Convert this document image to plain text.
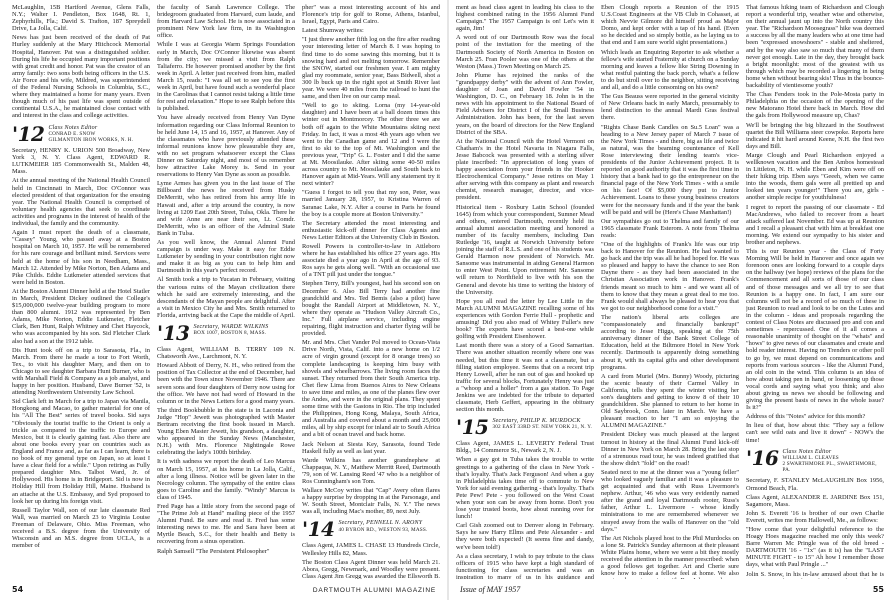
McLaughlin, 15B Hartford Avenue, Glens Falls, N.Y.; Walter I. Pendleton, Box 1648, Rt. 1, Zephyrhills, Fla.; David S. Trafton, 187 Spreydell Drive, La Jolla, Calif.

News has just been received of the death of Pat Hurley suddenly at the Mary Hitchcock Memorial Hospital, Hanover. Pat was a distinguished soldier. During his life he occupied many important positions with great credit and honor. Pat was the creator of an army family: two sons both being officers in the U.S. Air Force and his wife, Mildred, was superintendent of the Federal Nursing Schools in Columbia, S.C., where they maintained a home for many years. Even though much of his past life was spent outside of continental U.S.A., he maintained close contact with and interest in the class and college activities.

'12 Class Notes Editor
CONRAD E. SNOW
GILMANTON IRON WORKS, N. H.

Secretary, HENRY K. URION 500 Broadway, New York 3, N. Y. Class Agent, EDWARD R. LUTKMEIER 185 Commonwealth St., Malden 48, Mass.

At the annual meeting of the National Health Council held in Cincinnati in March, Doc O'Connor was elected president of that organization for the ensuing year. The National Health Council is comprised of voluntary health agencies that seek to coordinate activities and programs in the interest of health of the individual, the family and the community.

Again I must report the death of a classmate, "Cassey" Young, who passed away at a Boston hospital on March 10, 1957. He will be remembered for his rare courage and brilliant mind. Services were held at the home of his son in Needham, Mass., March 12. Attended by Mike Norton, Ben Adams and Pike Childs. Eddie Lutkmeier attended services that were held in Boston.

At the Boston Alumni Dinner held at the Hotel Statler in March, President Dickey outlined the College's $15,000,000 twelve-year building program to more than 800 alumni. 1912 was represented by Ben Adams, Mike Norton, Eddie Lutkmeier, Fletcher Clark, Ben Hunt, Ralph Whitney and Chet Haycock, who was accompanied by his son. Sid Fletcher Clark also had a son at the 1912 table.

Dis Hunt took off on a trip to Sarasota, Fla., in March. From there he made a tour to Fort Worth, Tex., to visit his daughter Mary, and then on to Chicago to see daughter Barbara Hunt Burner, who is with Marshall Field & Company as a job analyst, and happy in her position. Husband, Dave Burner '52, is attending Northwestern University Law School.

Sid Clark left in March for a trip to Japan via Manila, Hongkong and Macao, to gather material for one of his "All The Best" series of travel books. Sid says "Obviously the tourist traffic to the Orient is only a trickle as compared to the traffic to Europe and Mexico, but it is clearly gaining fast. Also there are about one books every year on countries such as England and France and, as far as I can learn, there is no book of my general type on Japan, so at least I have a clear field for a while." Upon retiring as Fully prepared daughter Mrs. Talbot Ward, Jr. of Hollywood. His home is in Bridgeport. Sid is now in Holiday Hill from Holiday Hill, Maine. Husband is an attache at the U.S. Embassy, and Syd proposed to look her up during his foreign visit.

Russell Taylor Wall, son of our late classmate Red Wall, was married on March 23 to Virginia Louise Freeman of Delaware, Ohio. Miss Freeman, who received a B.S. degree from the University of Wisconsin and an M.S. degree from UCLA, is a member of

the faculty of Sarah Lawrence College. The bridegroom graduated from Harvard, cum laude, and from Harvard Law School. He is now associated in a prominent New York law firm, in its Washington office.

While I was at Georgia Warm Springs Foundation early in March, Doc O'Connor likewise was absent from the city; we missed a visit from Ralph Taliaferro. He however promised another by the first week in April. A letter just received from him, mailed March 15, reads: "I was all set to see you the first week in April, but have found such a wonderful place in the Carolinas that I cannot resist taking a little time for rest and relaxation." Hope to see Ralph before this is published.

You have already received from Henry Van Dyne information regarding our Class Informal Reunion to be held June 14, 15 and 16, 1957, at Hanover. Any of the classmates who have previously attended these informal reunions know how pleasurable they are, with no set program whatsoever except the Class Dinner on Saturday night, and most of us remember how attractive Lake Morey is. Send in your reservations to Henry Van Dyne as soon as possible.

Lyme Armes has given you in the last issue of The Billboard the news he received from Husky DeMerritt, who has retired from his army life in Hawaii and, after a trip around the country, is now living at 1209 East 20th Street, Tulsa, Okla. There he and wife Anne are near their son, Lt. Comdr. DeMerritt, who is an officer of the Admiral State Bank in Tulsa.

As you well know, the Annual Alumni Fund campaign is under way. Make it easy for Eddie Lutkmeier by sending in your contribution right now and make it as big as you can to help him and Dartmouth in this year's perfect record.

Al Smith took a trip to Yucatan in February, visiting the various ruins of the Mayan civilization there which he said are extremely interesting, and the descendants of the Mayan people are delightful. After a visit in Mexico City he and Mrs. Smith returned to Florida, arriving back at the Cape the middle of April.

'13 Secretary, WARDE WILKINS
BOX 1007, BOSTON 8, MASS.

Class Agent, WILLIAM B. TERRY 109 N. Chatsworth Ave., Larchmont, N. Y.

Howard Abbott of Derry, N. H., who retired from the position of Tax Collector at the end of December, had been with the Town since November 1946. There are seven sons and four daughters of Derry now using for the office. We have not had word of Howard in the column or in the News Letters for a good many years.

The third Bookbubble in the state is in Laconia and Judge "Hop" Jewett was photographed with Master Bertram receiving the first book issued in March. Young Eben Master Jewett, his grandson, a daughter, who appeared in the Sunday News (Manchester, N.H.) with Mrs. Florence Nightingale Rowe celebrating the lady's 100th birthday.

It is with sadness we report the death of Leo Marcus on March 15, 1957, at his home in La Jolla, Calif., after a long illness. Notice will be given later in the Necrology column. The sympathy of the entire class goes to Caroline and the family. "Windy" Marcus is class of 1945.

Fred Page has a little story from the second page of "The Prime Job at Hand" mailing piece of the 1957 Alumni Fund. Be sure and read it. Fred has some interesting news to me. He and Sara have been at Myrtle Beach, S.C., for their health and Betty is recovering from a sinus operation.

Ralph Samsell "The Persistent Philosopher"

pher" was a most interesting account of his and Florence's trip for golf to Rome, Athens, Istanbul, Israel, Egypt, Paris and Cairo.

Latest Shumway writes:

"I just threw another fifth log on the fire after reading your interesting letter of March 8. I was hoping to find time to do some sawing this morning, but it is snowing hard and not melting tomorrow. Remember the SNOW, started our freshmen year. I am mighty glad my roommate, senior year, Bass Bidwell, shot a 300 lb buck up in the right spot at Smith River last year. We were 40 miles from the railroad to hunt the same, and then live on our camp meal.

"Well to go to skiing. Lorna (my 14-year-old daughter) and I have been at a ball dozen times this winter out in Montmorcey. The other three we are both off again to the White Mountains skiing next Friday. In fact, it was a most 4th years ago when we went to the Canadian game and 12 and I were the first to ski to the top of Mt. Washington and the previous year, "Trip" G. L. Foster and I did the same at Mt. Moosilauke. After skiing some 40-50 miles across country to Mt. Moosilauke and South back to Hanover again at Mid-Years. Will any statement try it next winter?

"Guess I forgot to tell you that my son, Peter, was married January 28, 1957, to Kristina Warren of Saranac Lake, N.Y. After a course in Paris he found the boy is a couple more at Boston University."

The Secretary attended the most interesting and enthusiastic kick-off dinner for Class Agents and News Letter Editors at the University Club in Boston.

Rowell Powers is controller-to-law in Attleboro where he has established his office 27 years ago. His associate died a year ago in April at the age of 93. Ros says he gets along well. "With an occasional use of a TNT pill just under the tongue."

Stephen Terry, Bill's youngest, had his second son on December 6. Also Bill Terry had another fine grandchild and Mrs. Ted Bemis (also a pilot) have bought the Randall Airport at Middletown, N. Y., where they operate as "Hudson Valley Aircraft Co., Inc." Full airplane service, including engine repairing, flight instruction and charter flying will be provided.

Mr. and Mrs. Chet Vander Pol moved to Ocean-Vista Drive North, Vista, Calif. into a new home on 1/2 acre of virgin ground (except for 8 orange trees) so complete landscaping is keeping him busy with shovels and wheelbarrows. The living room faces the sunset. They returned from their South America trip. Chet flew Lima from Buenos Aires to New Orleans to save time and miles, as one of the planes flew over the Andes, and were in the original plans. They spent some time with the Gastons in Rio. The trip included the Philippines, Hong Kong, Malaya, South Africa, and Australia and covered about a month and 25,000 miles, all by ship except for inland air to South Africa and a bit of ocean travel and back home.

Jack Nelson at Siesta Key, Sarasota, found Tede Haskell fully as well as last year.

Warde Wilkins has another grandnephew at Chappaqua, N. Y., Matthew Merritt Reed, Dartmouth '79, son of W. Lansing Reed '47 who is a neighbor of Ros Cunningham's son Tom.

Wallace McCoy writes that "Cap" Avery often flares a happy surprise by dropping in at the Parsonage, and W. South Street, Montclair Falls, N. Y." The news was all, including Mac's mother, 89, next July.

'14 Secretary, PENNELL N. ARONY
40 BYRON RD., WESTON 93, MASS.

Class Agent, JAMES L. CHASE 13 Hundreds Circle, Wellesley Hills 82, Mass.

The Boston Class Agent Dinner was held March 21. Abora, Gregg, Newmark, and Woodley were present. Class Agent Jim Gregg was awarded the Ellsworth B.

54	DARTMOUTH ALUMNI MAGAZINE

ment as head class agent in leading his class to the highest combined rating in the 1956 Alumni Fund Campaign." The 1957 Campaign is on! Let's win it again, Jim!

A word out of our Dartmouth Row was the focal point of the invitation for the meeting of the Dartmouth Society of North America in Boston on March 25. Fran Pooler was one of the others at the Weston (Mass.) Town Meeting on March 25.

John Plume has rejoined the ranks of the "grandpappy derby" with the advent of Ann Fowler, daughter of Joan and David Fowler '54 in Washington, D. C., on February 18. John is in the news with his appointment to the National Board of Field Advisers for District I of the Small Business Administration. John has been, for the last seven years, on the board of directors for the New England District of the SBA.

At the National Council with the Hotel Vermont on Chatham's in the Hotel Navaria in Niagara Falls, Jesse Babcock was presented with a sterling silver plate inscribed: "In appreciation of long years of happy association from your friends in the Hooker Electrochemical Company." Jesse retires on May 1 after serving with this company as plant and research chemist, research manager, director, and vice-president.

Historical item - Roxbury Latin School (founded 1645) from which your correspondent, Sumner Mead and others, entered Dartmouth, recently held its annual alumni association meeting and honored a number of its faculty members, including Dan Rutledge '16, taught at Norwich University before joining the staff of R.L.S. and one of his students was Gerald Harmon now president of Norwich. Mr. Sansome was instrumental in aiding General Harmon to enter West Point. Upon retirement Mr. Sansome will return to Northfield to live with his son the General and devote his time to writing the history of the University.

Hope you all read the letter by Lee Little in the March ALUMNI MAGAZINE recalling some of his experiences with Gordon Ferrie Hull - prophetic and amusing! Did you also read of Whitey Fuller's new book? The experts have scored a best-one while golfing with President Eisenhower.

Last month there was a story of a Good Samaritan. There was another situation recently where one was needed, but this time it was not a classmate, but a filling station employee. Seems that on a recent trip Henry Lowell, after he ran out of gas and hooked up traffic for several blocks, Fortunately Henry was just a "whoop and a holler" from a gas station. To Page Jenkins we are indebted for the tribute to departed classmate, Herb Geffert, appearing in the obituary section this month.

'15 Secretary, PHILIP K. MURDOCK
302 EAST 33RD ST. NEW YORK 21, N. Y.

Class Agent, JAMES L. LEVERTY Federal Trust Bldg., 14 Commerce St., Newark 2, N. J.

When a gay got in Tuba takes the trouble to write greetings to a gathering of the class in New York - that's loyalty. That's Jack Ferguson! And when a guy in Philadelphia takes time off to commute to New York for said evening gathering - that's loyalty. That's Pete Pew! Pete - you followed on the West Coast when your son can be away from home. Don't you lose your trusted boots, how about running over for lunch!

Carl Gish zoomed out to Denver along in February. Says he saw Harry Ellms and Pete Alexander - and they were both expected! (It seems fine and dandy, we've been told!)

As a class secretary, I wish to pay tribute to the class officers of 1915 who have kept a high standard of functioning for class secretaries and was an inspiration to many of us in his guidance and

Eben Clough reports a Reunion of the 1915 U.S.Coast Engineers at the VB Club in Cohasset, at which Nevvie Gilmore did himself proud as Major Domo, and kept order with a tap of his hand. (Even so he decided and so simply bottle, as he laying us to that end and I am sure world sight presentations.)

Which leads an Enquiring Reporter to ask whether a fellow's wife started Fraternity at church on a Sunday morning and leaves a fellow like String Downing in what restful painting the back porch, what's a fellow to do but stroll over to the neighbor, sitting receiving and all, and do a little consoming on his own?

The Gus Beauss were reported in the general vicinity of New Orleans back in early March, presumably to lend distinction to the annual Mardi Gras festival there.

"Rights Chase Bank Candles on Su.5 Loan" was a heading to a New Jersey paper of March 7 issue of the New York Times - and there, big as life and twice as natural, was the beaming countenance of Kell Rose interviewing their lending team's vice-presidents of the Junior Achievement project. It is reported on good authority that it was the first time in history that a bank had to go the entrepreneur on the financial page of the New York Times - with a smile on his face! Of $5,000 they put to Junior Achievement. Loans to these young business creators were for the necessary funds and if the year the bank will be paid and will be (Here's Chase Manhattan!)

Our sympathies go out to Thelma and family of our 1965 classmate Frank Esterom. A note from Thelma reads:

"One of the highlights of Frank's life was our trip back to Hanover for the Reunion. He had wanted to go back and the trip was all he had hoped for. He was so pleased and happy to have the chance to see Ron Dayne there - as they had been associated in the Christian Association work in Hanover. Frank's friends meant so much to him - and we want all of them to know that they mean a great deal to me too. Frank would shall always be pleased to hear you that we got to our neighborhood come for a visit."

The nation's liberal arts colleges are "compassionately and financially bankrupt" according to Jesse Higgs, speaking at the 75th anniversary dinner of the Bank Street College of Education, held at the Biltmore Hotel in New York recently. Dartmouth is apparently doing something about it, with its capital gifts and other development programs.

A card from Muriel (Mrs. Bunny) Woody, picturing the scenic beauty of their Carmel Valley in California, tells they spent the winter visiting her son's daughters and getting to know 8 of their 10 grandchildren. She planned to return to her home in Old Saybrook, Conn. later in March. We have a pleasant reaction to her "I am so enjoying the ALUMNI MAGAZINE."

President Dickey was much pleased at the largest turnout in history at the final Alumni Fund kick-off Dinner in New York on March 28. Bring the last stop of a strenuous road tour, he was indeed gratified that the show didn't "fold" on the road!

Seated next to me at the dinner was a "young feller" who looked vaguely familiar and it was a pleasure to get acquainted and that with Russ Livermore's nephew. Arthur, '46 who was very evidently named after the grand and loyal Dartmouth rooter, Russ's father, Arthur L. Livermore - whose kindly ministrations to me are remembered whenever we strayed away from the walls of Hanover on the "old days."

The Art Nichols played host to the Phil Murdocks on a lone St. Patrick's Sunday afternoon at their pleasant White Plains home, where we were a bit they mostly received the attention in the manner prescribed: when a good fellows get together. Art and Cherie sure know how to make a fellow feel at home. We also

That famous hiking team of Richardson and Clough report a wonderful trip, weather wise and otherwise, on their annual jaunt up into the North country this year. The "Richardson Moosegrass" hike was deemed a success by all the many leaders who at one time had been "expressed snowshoers" - stable and sheltered, and by the way also saw so much that many of them never got enough. Late in the day, they brought back a bright moonlight: most of the greatest with us through which may be recorded a lingering in being home when without bearing skis! Thus in the bounce-backability of vientiesome youth?

The Chas Fenders took in the Pole-Mosta party in Philadelphia on the occasion of the opening of the new Matorano Hotel there back in March. How did the gals from Hollywood measure up, Chas?

We'll be bringing the big blizzard in the Southwest quartet the Bill Williams steer cowpoke. Reports here indicated it hit hard around Keene, N.H. the first two days and Bill.

Marge Clough and Pearl Richardson enjoyed a wellknown vacation and the Ben Ambos homestead in Littleton, N. H. while Eben and Kim were off on their hiking trip. Eben says "Geeeh, when we came into the woods, them gals were all prettied up and looked ten years younger!" There you are, girls - another simple recipe for youthfulness!

I regret to report the passing of our classmate - Ed MacAndrews, who failed to recover from a heart attack suffered last November. Ed was up at Reunion and I recall a pleasant chat with him at breakfast one morning. We extend our sympathy to his sister and brother and nephews.

This is our Reunion year - the Class of Forty Morning Will be held in Hanover and once again we forenoon ones are looking forward to a couple days on the hallway (we hope) reviews of the plans for the Commencement and all sorts of those of our class and of those messages and we all try to see that Reunion is a happy one. In fact, I am sure our columns will not be a record of so much of these in just Reunion to read and look to be on the Lutes and in the column - ideas and proposals regarding the contest of Class Notes are discussed pro and con and sometimes - repercussed. One of it all comes a reasonable unanimity of thought on the "whats" and "hows" to give news of our classmates and create and hold reader interest. Having no Trenders or other poll to go by, we must depend on communications and reports from various sources - like the Alumni Fund, an old coin in the wind. This column is an idea of how about taking pen in hand, or loosening up those vocal cords and saying what you think; and also about giving us news we should be following and giving the present basis of news in the whole issue? Is it?"

Address of this "Notes" advice for this month?

In lieu of that, how about this: "They say a fellow can't see wild oats and live it down" - NOW's the time!

'16 Class Notes Editor
WILLIAM L. CLEAVES
2 SWARTHMORE PL., SWARTHMORE, PA.

Secretary, F. STANLEY McLAUGHLIN Box 1956, Ormond Beach, Fla.

Class Agent, ALEXANDER E. JARDINE Box 151, Sagamore, Mass.

John S. Everett '16 is brother of our own Charlie Everett, writes me from Hallowell, Me., as follows:

"How come that your delightful reference to the Hoagy Hoes magazine reached me only this week? Barre Warren Mc Pringle was of the old breed - DARTMOUTH '16 - "1x" (as it is) has the "LAST MINUTE FIGHT - to 15" Ah how I remember those days, what with Paul Pringle ..."

Jolin S. Snow, in his in-law amused about that he is

Issue of MAY 1957	55
